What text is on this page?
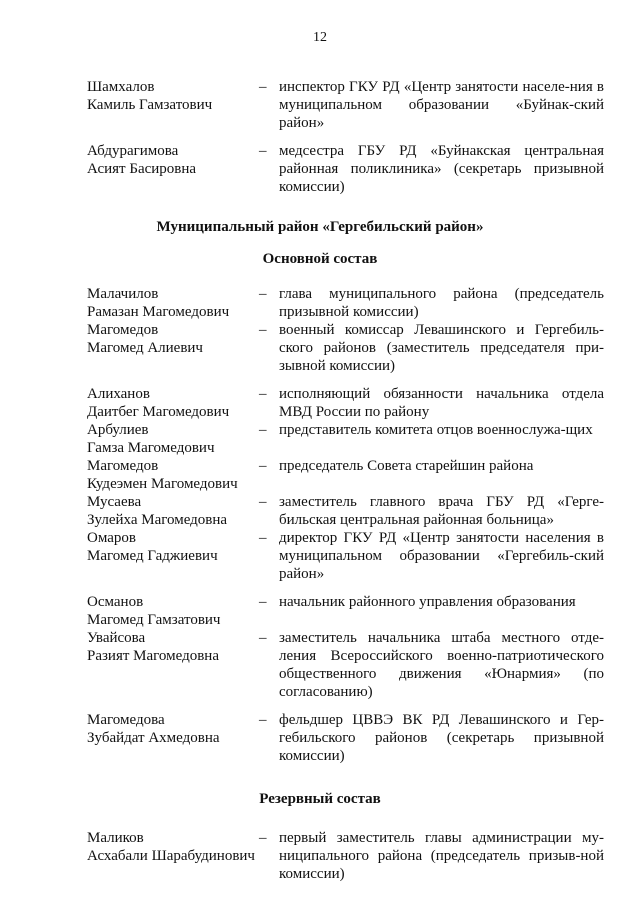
12
Шамхалов
Камиль Гамзатович
– инспектор ГКУ РД «Центр занятости населе-ния в муниципальном образовании «Буйнак-ский район»
Абдурагимова
Асият Басировна
– медсестра ГБУ РД «Буйнакская центральная районная поликлиника» (секретарь призывной комиссии)
Муниципальный район «Гергебильский район»
Основной состав
Малачилов
Рамазан Магомедович
– глава муниципального района (председатель призывной комиссии)
Магомедов
Магомед Алиевич
– военный комиссар Левашинского и Гергебиль-ского районов (заместитель председателя при-зывной комиссии)
Алиханов
Даитбег Магомедович
– исполняющий обязанности начальника отдела МВД России по району
Арбулиев
Гамза Магомедович
– представитель комитета отцов военнослужа-щих
Магомедов
Кудеэмен Магомедович
– председатель Совета старейшин района
Мусаева
Зулейха Магомедовна
– заместитель главного врача ГБУ РД «Герге-бильская центральная районная больница»
Омаров
Магомед Гаджиевич
– директор ГКУ РД «Центр занятости населения в муниципальном образовании «Гергебиль-ский район»
Османов
Магомед Гамзатович
– начальник районного управления образования
Увайсова
Разият Магомедовна
– заместитель начальника штаба местного отде-ления Всероссийского военно-патриотического общественного движения «Юнармия» (по согласованию)
Магомедова
Зубайдат Ахмедовна
– фельдшер ЦВВЭ ВК РД Левашинского и Гер-гебильского районов (секретарь призывной комиссии)
Резервный состав
Маликов
Асхабали Шарабудинович
– первый заместитель главы администрации му-ниципального района (председатель призыв-ной комиссии)
